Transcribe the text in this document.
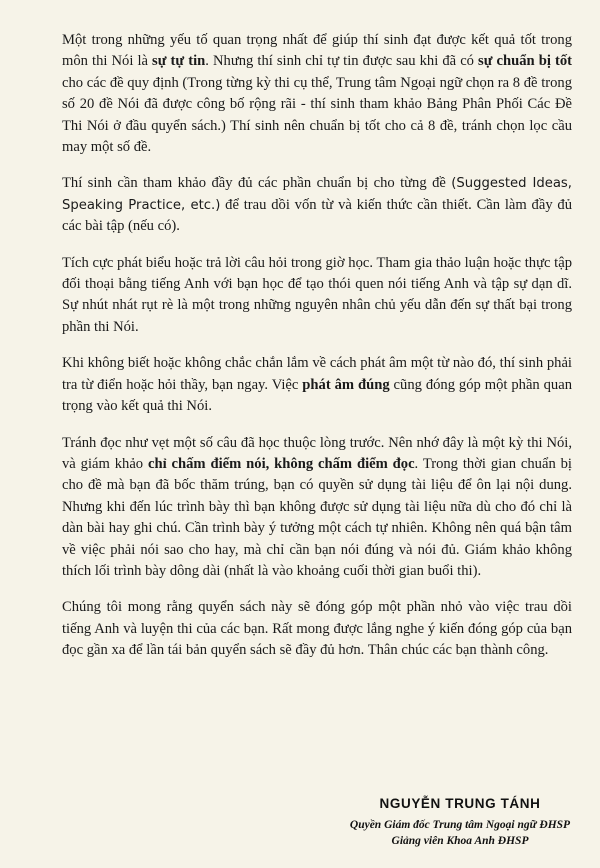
Một trong những yếu tố quan trọng nhất để giúp thí sinh đạt được kết quả tốt trong môn thi Nói là sự tự tin. Nhưng thí sinh chỉ tự tin được sau khi đã có sự chuẩn bị tốt cho các đề quy định (Trong từng kỳ thi cụ thể, Trung tâm Ngoại ngữ chọn ra 8 đề trong số 20 đề Nói đã được công bố rộng rãi - thí sinh tham khảo Bảng Phân Phối Các Đề Thi Nói ở đầu quyển sách.) Thí sinh nên chuẩn bị tốt cho cả 8 đề, tránh chọn lọc cầu may một số đề.

Thí sinh cần tham khảo đầy đủ các phần chuẩn bị cho từng đề (Suggested Ideas, Speaking Practice, etc.) để trau dồi vốn từ và kiến thức cần thiết. Cần làm đầy đủ các bài tập (nếu có).

Tích cực phát biểu hoặc trả lời câu hỏi trong giờ học. Tham gia thảo luận hoặc thực tập đối thoại bằng tiếng Anh với bạn học để tạo thói quen nói tiếng Anh và tập sự dạn dĩ. Sự nhút nhát rụt rè là một trong những nguyên nhân chủ yếu dẫn đến sự thất bại trong phần thi Nói.

Khi không biết hoặc không chắc chắn lắm về cách phát âm một từ nào đó, thí sinh phải tra từ điển hoặc hỏi thầy, bạn ngay. Việc phát âm đúng cũng đóng góp một phần quan trọng vào kết quả thi Nói.

Tránh đọc như vẹt một số câu đã học thuộc lòng trước. Nên nhớ đây là một kỳ thi Nói, và giám khảo chỉ chấm điểm nói, không chấm điểm đọc. Trong thời gian chuẩn bị cho đề mà bạn đã bốc thăm trúng, bạn có quyền sử dụng tài liệu để ôn lại nội dung. Nhưng khi đến lúc trình bày thì bạn không được sử dụng tài liệu nữa dù cho đó chỉ là dàn bài hay ghi chú. Cần trình bày ý tưởng một cách tự nhiên. Không nên quá bận tâm về việc phải nói sao cho hay, mà chỉ cần bạn nói đúng và nói đủ. Giám khảo không thích lối trình bày dông dài (nhất là vào khoảng cuối thời gian buổi thi).

Chúng tôi mong rằng quyển sách này sẽ đóng góp một phần nhỏ vào việc trau dồi tiếng Anh và luyện thi của các bạn. Rất mong được lắng nghe ý kiến đóng góp của bạn đọc gần xa để lần tái bản quyển sách sẽ đầy đủ hơn. Thân chúc các bạn thành công.

NGUYỄN TRUNG TÁNH
Quyền Giám đốc Trung tâm Ngoại ngữ ĐHSP
Giảng viên Khoa Anh ĐHSP
